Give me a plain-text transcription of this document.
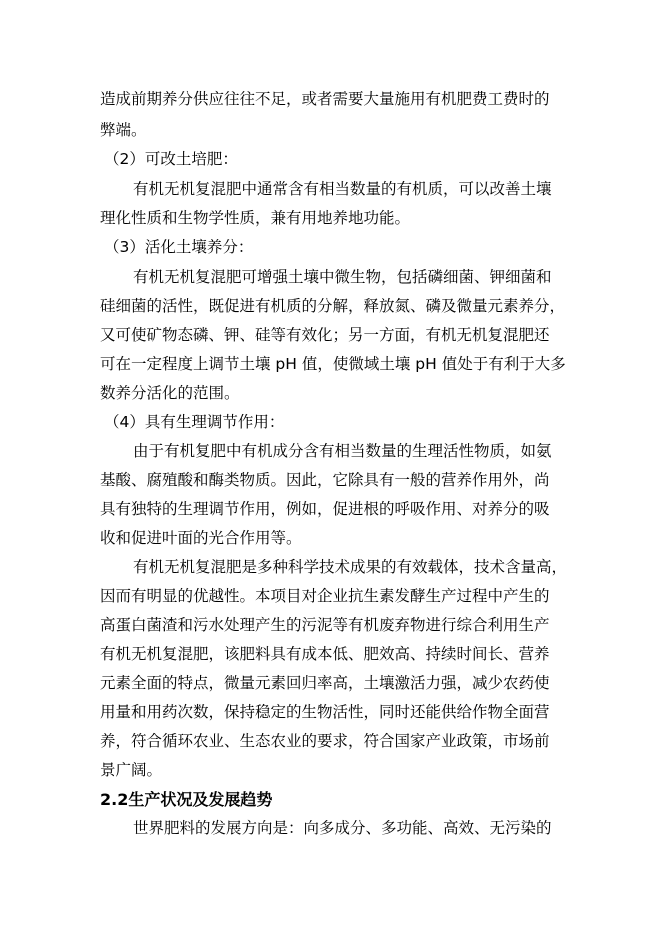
造成前期养分供应往往不足，或者需要大量施用有机肥费工费时的
弊端。
（2）可改土培肥：
有机无机复混肥中通常含有相当数量的有机质，可以改善土壤
理化性质和生物学性质，兼有用地养地功能。
（3）活化土壤养分：
有机无机复混肥可增强土壤中微生物，包括磷细菌、钾细菌和
硅细菌的活性，既促进有机质的分解，释放氮、磷及微量元素养分，
又可使矿物态磷、钾、硅等有效化；另一方面，有机无机复混肥还
可在一定程度上调节土壤 pH 值，使微域土壤 pH 值处于有利于大多
数养分活化的范围。
（4）具有生理调节作用：
由于有机复肥中有机成分含有相当数量的生理活性物质，如氨
基酸、腐殖酸和酶类物质。因此，它除具有一般的营养作用外，尚
具有独特的生理调节作用，例如，促进根的呼吸作用、对养分的吸
收和促进叶面的光合作用等。
有机无机复混肥是多种科学技术成果的有效载体，技术含量高，
因而有明显的优越性。本项目对企业抗生素发酵生产过程中产生的
高蛋白菌渣和污水处理产生的污泥等有机废弃物进行综合利用生产
有机无机复混肥，该肥料具有成本低、肥效高、持续时间长、营养
元素全面的特点，微量元素回归率高，土壤激活力强，减少农药使
用量和用药次数，保持稳定的生物活性，同时还能供给作物全面营
养，符合循环农业、生态农业的要求，符合国家产业政策，市场前
景广阔。
2.2生产状况及发展趋势
世界肥料的发展方向是：向多成分、多功能、高效、无污染的
